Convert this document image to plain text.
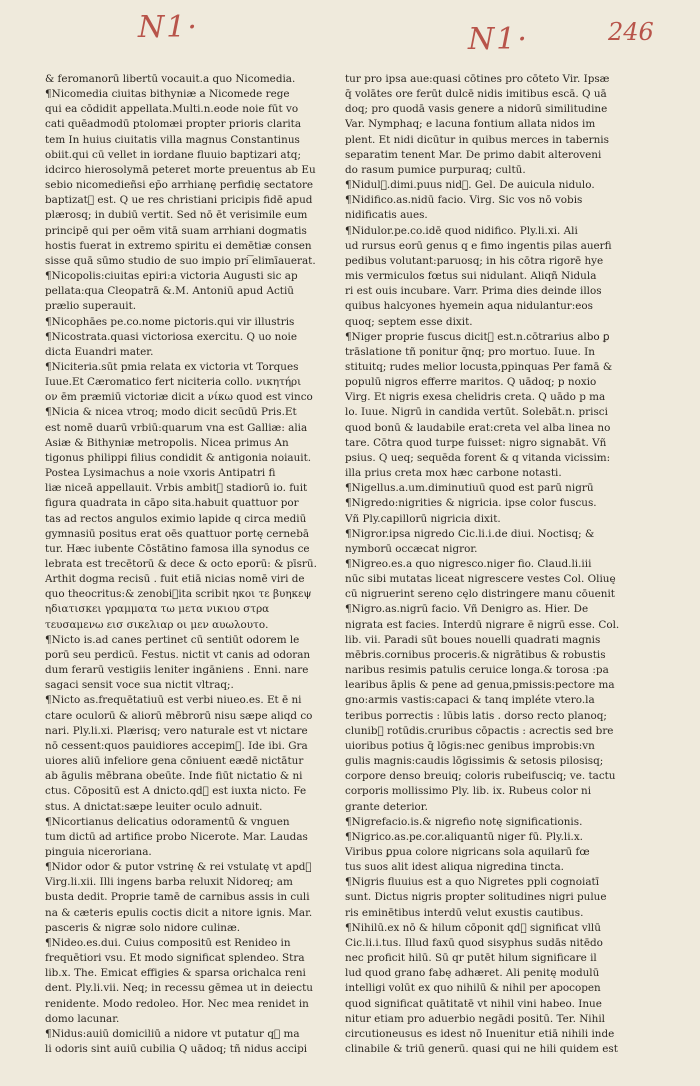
N1·	N1·	246
& feromanorū libertū vocauit.a quo Nicomedia.
¶Nicomedia ciuitas bithyniæ a Nicomede rege
qui ea cōdidit appellata.Multi.n.eode noie fūt vo
cati quēadmodū ptolomæi propter prioris clarita
tem In huius ciuitatis villa magnus Constantinus
obiit.qui cū vellet in iordane fluuio baptizari atq;
idcirco hierosolymā peteret morte preuentus ab Eu
sebio nicomedieñsi ep̄o arrhianę perfidię sectatore
baptizat᷑ est. Q ue res christiani pricipis fidē apud
plærosq; in dubiū vertit. Sed nō ēt verisimile eum
principē qui per oēm vitā suam arrhiani dogmatis
hostis fuerat in extremo spiritu ei demētiæ consen
sisse quā sūmo studio de suo impio pri͞ elimīauerat.
¶Nicopolis:ciuitas epiri:a victoria Augusti sic ap
pellata:qua Cleopatrā &.M. Antoniū apud Actiū
prælio superauit.
¶Nicophāes pe.co.nome pictoris.qui vir illustris
¶Nicostrata.quasi victoriosa exercitu. Q uo noie
dicta Euandri mater.
¶Niciteria.sūt pmia relata ex victoria vt Torques
Iuue.Et Cæromatico fert niciteria collo. νικητήρι
ον ēm præmiū victoriæ dicit a νίκω quod est vinco
¶Nicia & nicea vtroq; modo dicit secūdū Pris.Et
est nomē duarū vrbiū:quarum vna est Galliæ: alia
Asiæ & Bithyniæ metropolis. Nicea primus An
tigonus philippi filius condidit & antigonia noiauit.
Postea Lysimachus a noie vxoris Antipatri fi
liæ niceā appellauit. Vrbis ambit᷑ stadiorū io. fuit
figura quadrata in cāpo sita.habuit quattuor por
tas ad rectos angulos eximio lapide q circa mediū
gymnasiū positus erat oēs quattuor portę cernebā
tur. Hæc iubente Cōstātino famosa illa synodus ce
lebrata est trecētorū & dece & octo eporū: & pīsrū.
Arthit dogma recisū . fuit etiā nicias nomē viri de
quo theocritus:& zenobi᷑ita scribit ηκοι τε βυηκεψ
ηδιατισκει γραμματα τω μετα νικιου στρα
τευσαμενω εισ σικελιαρ οι μεν αυωλουτο.
¶Nicto is.ad canes pertinet cū sentiūt odorem le
porū seu perdicū. Festus. nictit vt canis ad odoran
dum ferarū vestigiis leniter ingāniens . Enni. nare
sagaci sensit voce sua nictit vltraq;.
¶Nicto as.frequētatiuū est verbi niueo.es. Et ē ni
ctare oculorū & aliorū mēbrorū nisu sæpe aliqd co
nari. Ply.li.xi. Plærisq; vero naturale est vt nictare
nō cessent:quos pauidiores accepim᷑. Ide ibi. Gra
uiores aliū infeliore gena cōniuent eædē nictātur
ab āgulis mēbrana obeūte. Inde fiūt nictatio & ni
ctus. Cōpositū est A dnicto.qd᷑ est iuxta nicto. Fe
stus. A dnictat:sæpe leuiter oculo adnuit.
¶Nicortianus delicatius odoramentū & vnguen
tum dictū ad artifice probo Nicerote. Mar. Laudas
pinguia niceroriana.
¶Nidor odor & putor vstrinę & rei vstulatę vt apd᷑
Virg.li.xii. Illi ingens barba reluxit Nidoreq; am
busta dedit. Proprie tamē de carnibus assis in culi
na & cæteris epulis coctis dicit a nitore ignis. Mar.
pasceris & nigræ solo nidore culinæ.
¶Nideo.es.dui. Cuius compositū est Renideo in
frequētiori vsu. Et modo significat splendeo. Stra
lib.x. The. Emicat effigies & sparsa orichalca reni
dent. Ply.li.vii. Neq; in recessu gēmea ut in deiectu
renidente. Modo redoleo. Hor. Nec mea renidet in
domo lacunar.
¶Nidus:auiū domiciliū a nidore vt putatur q᷑ ma
li odoris sint auiū cubilia Q uādoq; tñ nidus accipi
tur pro ipsa aue:quasi cōtines pro cōteto Vir. Ipsæ
q̄ volātes ore ferūt dulcē nidis imitibus escā. Q uā
doq; pro quodā vasis genere a nidorū similitudine
Var. Nymphaq; e lacuna fontium allata nidos im
plent. Et nidi dicūtur in quibus merces in tabernis
separatim tenent Mar. De primo dabit alteroveni
do rasum pumice purpuraq; cultū.
¶Nidul᷑.dimi.puus nid᷑. Gel. De auicula nidulo.
¶Nidifico.as.nidū facio. Virg. Sic vos nō vobis
nidificatis aues.
¶Nidulor.pe.co.idē quod nidifico. Ply.li.xi. Ali
ud rursus eorū genus q e fimo ingentis pilas auerfi
pedibus volutant:paruosq; in his cōtra rigorē hye
mis vermiculos fœtus sui nidulant. Aliqñ Nidula
ri est ouis incubare. Varr. Prima dies deinde illos
quibus halcyones hyemein aqua nidulantur:eos
quoq; septem esse dixit.
¶Niger proprie fuscus dicit᷑ est.n.cōtrarius albo ꝑ
trāslatione tñ ponitur q̄nq; pro mortuo. Iuue. In
stituitq; rudes melior locusta,ppinquas Per famā &
populū nigros efferre maritos. Q uādoq; p noxio
Virg. Et nigris exesa chelidris creta. Q uādo p ma
lo. Iuue. Nigrū in candida vertūt. Solebāt.n. prisci
quod bonū & laudabile erat:creta vel alba linea no
tare. Cōtra quod turpe fuisset: nigro signabāt. Vñ
psius. Q ueq; sequēda forent & q vitanda vicissim:
illa prius creta mox hæc carbone notasti.
¶Nigellus.a.um.diminutiuū quod est parū nigrū
¶Nigredo:nigrities & nigricia. ipse color fuscus.
Vñ Ply.capillorū nigricia dixit.
¶Nigror.ipsa nigredo Cic.li.i.de diui. Noctisq; &
nymborū occæcat nigror.
¶Nigreo.es.a quo nigresco.niger fio. Claud.li.iii
nūc sibi mutatas liceat nigrescere vestes Col. Oliuę
cū nigruerint sereno cęlo distringere manu cōuenit
¶Nigro.as.nigrū facio. Vñ Denigro as. Hier. De
nigrata est facies. Interdū nigrare ē nigrū esse. Col.
lib. vii. Paradi sūt boues nouelli quadrati magnis
mēbris.cornibus proceris.& nigrātibus & robustis
naribus resimis patulis ceruice longa.& torosa :pa
learibus āplis & pene ad genua,pmissis:pectore ma
gno:armis vastis:capaci & tanq impléte vtero.la
teribus porrectis : lūbis latis . dorso recto planoq;
clunib᷑ rotūdis.cruribus cōpactis : acrectis sed bre
uioribus potius q̄ lōgis:nec genibus improbis:vn
gulis magnis:caudis lōgissimis & setosis pilosisq;
corpore denso breuiq; coloris rubeifusciq; ve. tactu
corporis mollissimo Ply. lib. ix. Rubeus color ni
grante deterior.
¶Nigrefacio.is.& nigrefio notę significationis.
¶Nigrico.as.pe.cor.aliquantū niger fū. Ply.li.x.
Viribus ꝑpua colore nigricans sola aquilarū fœ
tus suos alit idest aliqua nigredina tincta.
¶Nigris fluuius est a quo Nigretes ppli cognoiatī
sunt. Dictus nigris propter solitudines nigri pulue
ris eminētibus interdū velut exustis cautibus.
¶Nihilū.ex nō & hilum cōponit qd᷑ significat vllū
Cic.li.i.tus. Illud faxū quod sisyphus sudās nitēdo
nec proficit hilū. Sū qr putēt hilum significare il
lud quod grano fabę adhæret. Ali penitę modulū
intelligi volūt ex quo nihilū & nihil per apocopen
quod significat quātitatē vt nihil vini habeo. Inue
nitur etiam pro aduerbio negādi positū. Ter. Nihil
circutioneusus es idest nō Inuenitur etiā nihili inde
clinabile & triū generū. quasi qui ne hili quidem est
